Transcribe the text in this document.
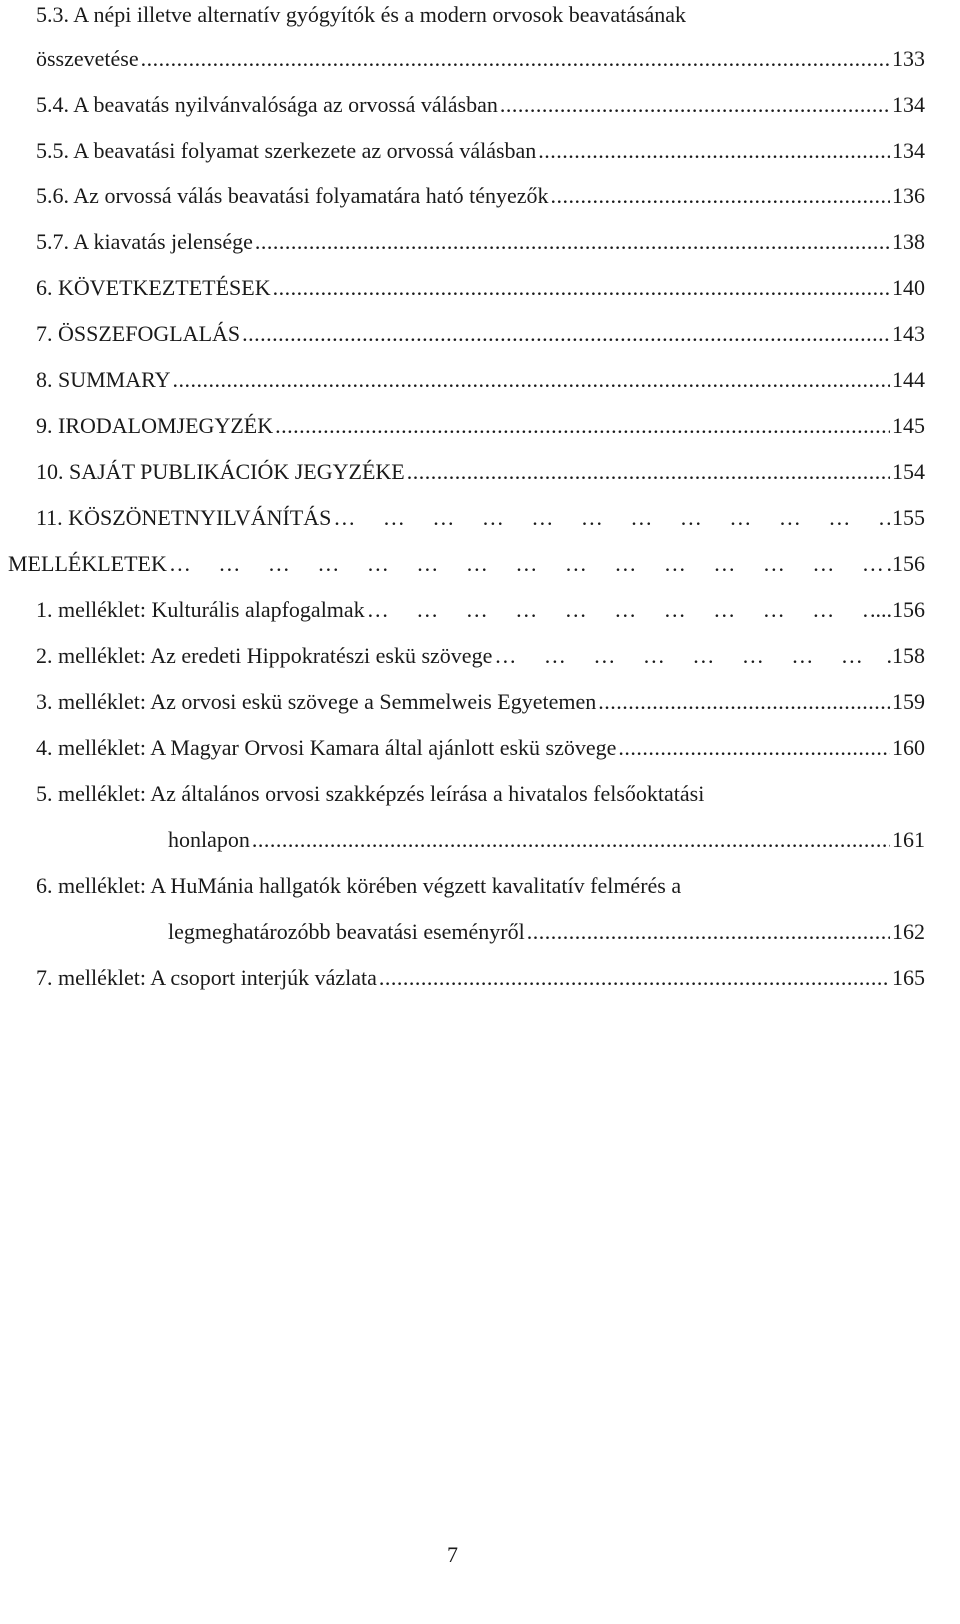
5.3. A népi illetve alternatív gyógyítók és a modern orvosok beavatásának
összevetése .....	133
5.4. A beavatás nyilvánvalósága az orvossá válásban .....	134
5.5. A beavatási folyamat szerkezete az orvossá válásban .....	134
5.6. Az orvossá válás beavatási folyamatára ható tényezők .....	136
5.7. A kiavatás jelensége .....	138
6. KÖVETKEZTETÉSEK .....	140
7. ÖSSZEFOGLALÁS .....	143
8. SUMMARY .....	144
9. IRODALOMJEGYZÉK .....	145
10. SAJÁT PUBLIKÁCIÓK JEGYZÉKE .....	154
11. KÖSZÖNETNYILVÁNÍTÁS …     …     …     …     …     …     …     …     …     …     …     …     …     …     …	155
MELLÉKLETEK …     …     …     …     …     …     …     …     …     …     …     …     …     …     …	.156
1. melléklet: Kulturális alapfogalmak …     …     …     …     …     …     …     …     …     …     …     …     …     …     …	...156
2. melléklet: Az eredeti Hippokratészi eskü szövege …     …     …     …     …     …     …     …     …     …     …     …     …     …     …	.158
3. melléklet: Az orvosi eskü szövege a Semmelweis Egyetemen .....	159
4. melléklet: A Magyar Orvosi Kamara által ajánlott eskü szövege .....	160
5. melléklet: Az általános orvosi szakképzés leírása a hivatalos felsőoktatási
honlapon .....	161
6. melléklet: A HuMánia hallgatók körében végzett kavalitatív felmérés a
legmeghatározóbb beavatási eseményről .....	162
7. melléklet: A csoport interjúk vázlata .....	165
7
